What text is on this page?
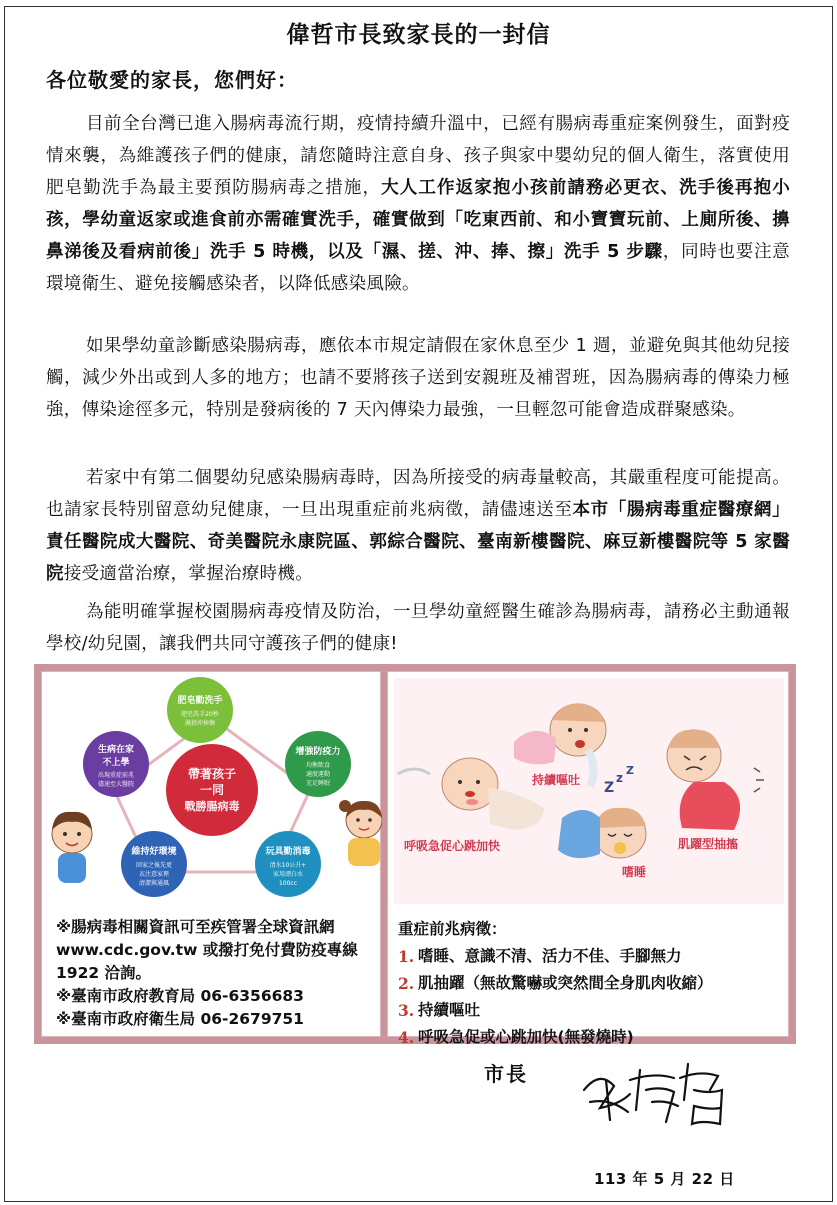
偉哲市長致家長的一封信
各位敬愛的家長，您們好：

目前全台灣已進入腸病毒流行期，疫情持續升溫中，已經有腸病毒重症案例發生，面對疫情來襲，為維護孩子們的健康，請您隨時注意自身、孩子與家中嬰幼兒的個人衛生，落實使用肥皂勤洗手為最主要預防腸病毒之措施，大人工作返家抱小孩前請務必更衣、洗手後再抱小孩，學幼童返家或進食前亦需確實洗手，確實做到「吃東西前、和小寶寶玩前、上廁所後、擤鼻涕後及看病前後」洗手 5 時機，以及「濕、搓、沖、捧、擦」洗手 5 步驟，同時也要注意環境衛生、避免接觸感染者，以降低感染風險。

如果學幼童診斷感染腸病毒，應依本市規定請假在家休息至少 1 週，並避免與其他幼兒接觸，減少外出或到人多的地方；也請不要將孩子送到安親班及補習班，因為腸病毒的傳染力極強，傳染途徑多元，特別是發病後的 7 天內傳染力最強，一旦輕忽可能會造成群聚感染。

若家中有第二個嬰幼兒感染腸病毒時，因為所接受的病毒量較高，其嚴重程度可能提高。也請家長特別留意幼兒健康，一旦出現重症前兆病徵，請儘速送至本市「腸病毒重症醫療網」責任醫院成大醫院、奇美醫院永康院區、郭綜合醫院、臺南新樓醫院、麻豆新樓醫院等 5 家醫院接受適當治療，掌握治療時機。

為能明確掌握校園腸病毒疫情及防治，一旦學幼童經醫生確診為腸病毒，請務必主動通報學校/幼兒園，讓我們共同守護孩子們的健康!

帶著孩子
一同
戰勝腸病毒
肥皂勤洗手
肥皂洗手20秒
濕搓沖捧擦
增強防疫力
均衡飲食
適度運動
充足睡眠
玩具勤消毒
清水10公升+
家用漂白水
100cc
維持好環境
回家之後先更
衣注意家裡
清潔與通風
生病在家
不上學
出現重症前兆
儘速至大醫院
※腸病毒相關資訊可至疾管署全球資訊網 www.cdc.gov.tw 或撥打免付費防疫專線 1922 洽詢。
※臺南市政府教育局 06-6356683
※臺南市政府衛生局 06-2679751
持續嘔吐
肌躍型抽搐
呼吸急促心跳加快
Z
z
Z
嗜睡
重症前兆病徵：
1. 嗜睡、意識不清、活力不佳、手腳無力
2. 肌抽躍（無故驚嚇或突然間全身肌肉收縮）
3. 持續嘔吐
4. 呼吸急促或心跳加快(無發燒時)
市長
113 年 5 月 22 日
